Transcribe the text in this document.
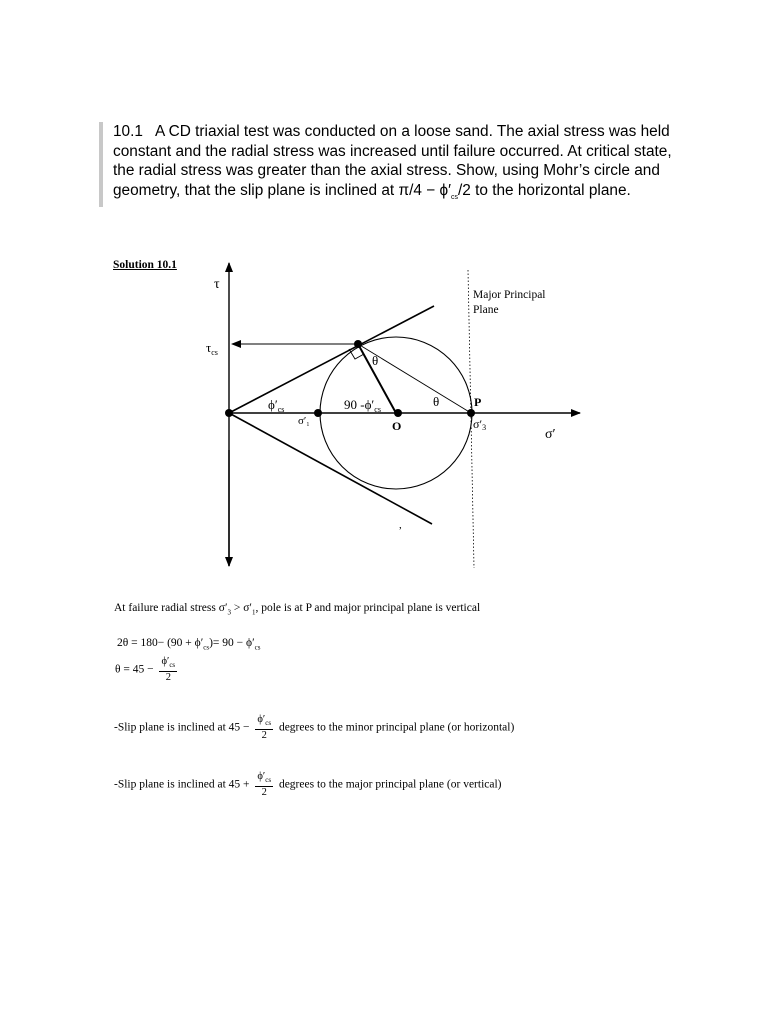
10.1 A CD triaxial test was conducted on a loose sand. The axial stress was held constant and the radial stress was increased until failure occurred. At critical state, the radial stress was greater than the axial stress. Show, using Mohr’s circle and geometry, that the slip plane is inclined at $\pi/4 - \phi'_{cs}/2$ to the horizontal plane.

Solution 10.1
τ
$\tau_{cs}$
Major Principal
Plane
θ
θ
$\phi'_{cs}$	90 $-\phi'_{cs}$
P
O
σ′1	σ′3	σ′
,
At failure radial stress $\sigma'_3 > \sigma'_1$, pole is at P and major principal plane is vertical
$2\theta = 180- (90 + \phi'_{cs})= 90 - \phi'_{cs}$
$\theta = 45 - \frac{\phi'_{cs}}{2}$
-Slip plane is inclined at $45 - \frac{\phi'_{cs}}{2}$ degrees to the minor principal plane (or horizontal)
-Slip plane is inclined at $45 + \frac{\phi'_{cs}}{2}$ degrees to the major principal plane (or vertical)
